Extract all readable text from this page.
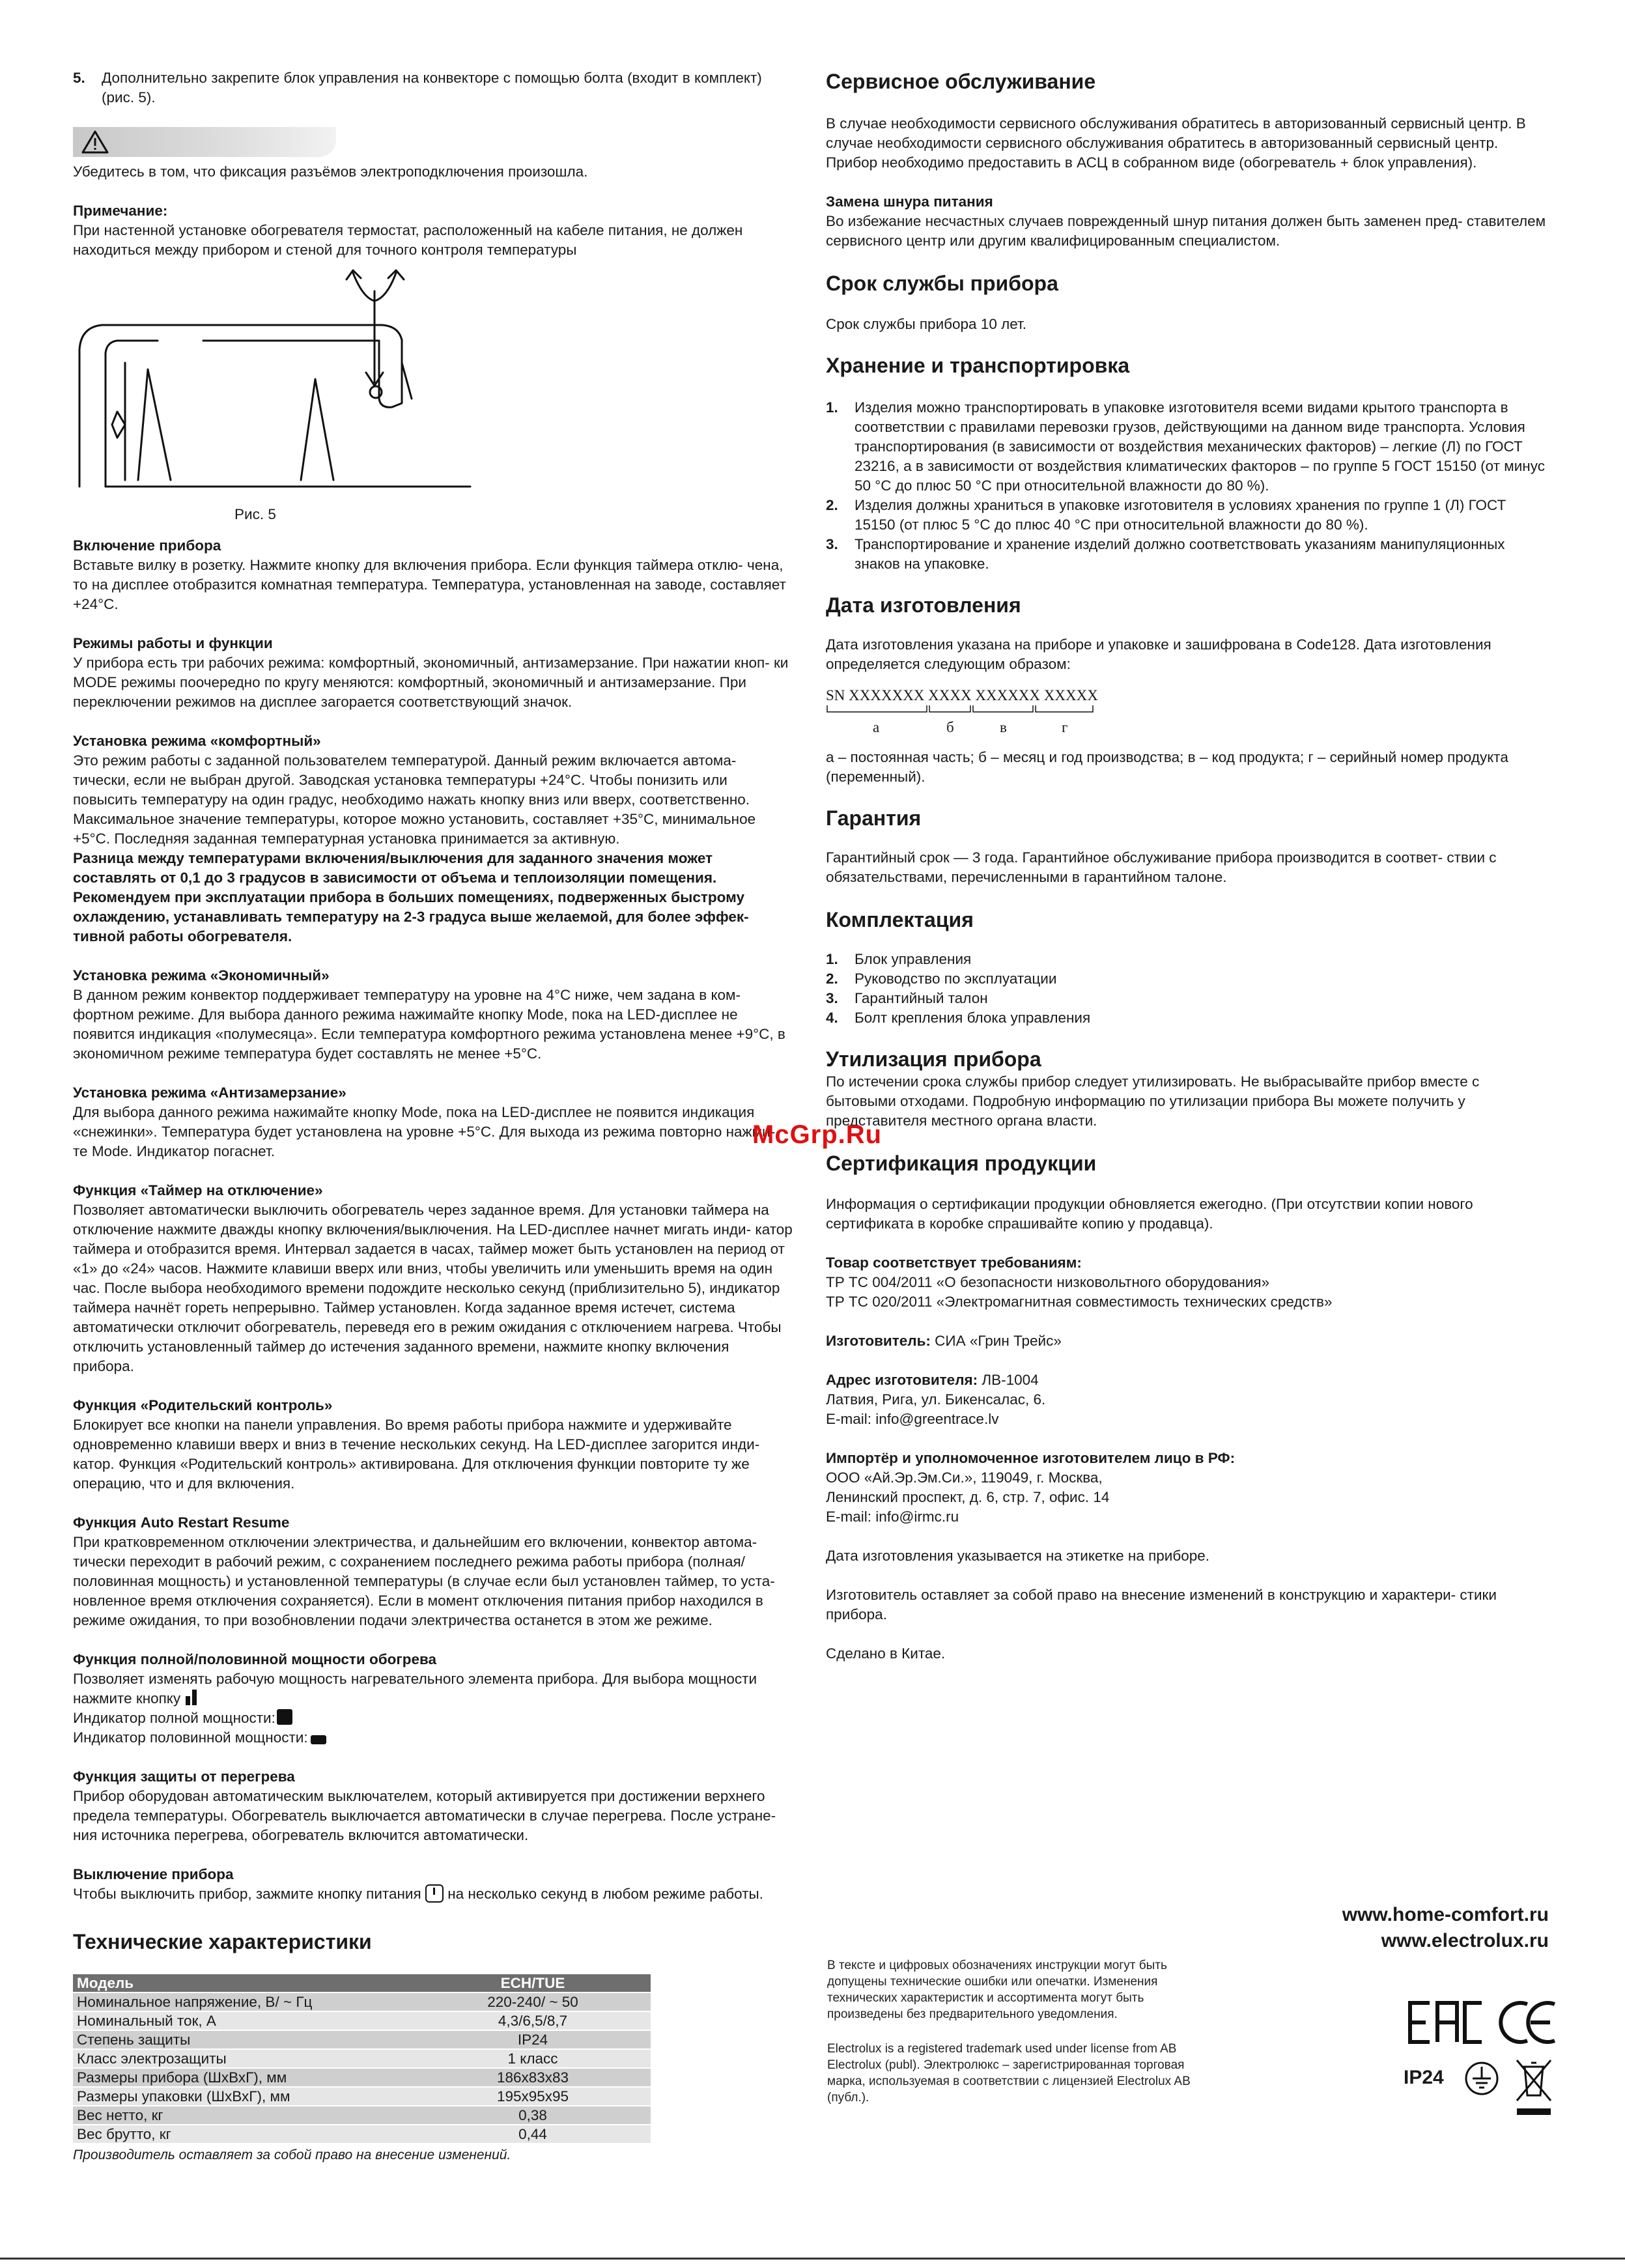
5. Дополнительно закрепите блок управления на конвекторе с помощью болта (входит в комплект) (рис. 5).

Убедитесь в том, что фиксация разъёмов электроподключения произошла.

Примечание:

При настенной установке обогревателя термостат, расположенный на кабеле питания, не должен находиться между прибором и стеной для точного контроля температуры

Рис. 5

Включение прибора

Вставьте вилку в розетку. Нажмите кнопку для включения прибора. Если функция таймера отклю- чена, то на дисплее отобразится комнатная температура. Температура, установленная на заводе, составляет +24°C.

Режимы работы и функции

У прибора есть три рабочих режима: комфортный, экономичный, антизамерзание. При нажатии кноп- ки MODE режимы поочередно по кругу меняются: комфортный, экономичный и антизамерзание. При переключении режимов на дисплее загорается соответствующий значок.

Установка режима «комфортный»

Это режим работы с заданной пользователем температурой. Данный режим включается автома- тически, если не выбран другой. Заводская установка температуры +24°C. Чтобы понизить или повысить температуру на один градус, необходимо нажать кнопку вниз или вверх, соответственно. Максимальное значение температуры, которое можно установить, составляет +35°C, минимальное +5°C. Последняя заданная температурная установка принимается за активную.

Разница между температурами включения/выключения для заданного значения может составлять от 0,1 до 3 градусов в зависимости от объема и теплоизоляции помещения. Рекомендуем при эксплуатации прибора в больших помещениях, подверженных быстрому охлаждению, устанавливать температуру на 2-3 градуса выше желаемой, для более эффек- тивной работы обогревателя.

Установка режима «Экономичный»

В данном режим конвектор поддерживает температуру на уровне на 4°C ниже, чем задана в ком- фортном режиме. Для выбора данного режима нажимайте кнопку Mode, пока на LED-дисплее не появится индикация «полумесяца». Если температура комфортного режима установлена менее +9°C, в экономичном режиме температура будет составлять не менее +5°C.

Установка режима «Антизамерзание»

Для выбора данного режима нажимайте кнопку Mode, пока на LED-дисплее не появится индикация «снежинки». Температура будет установлена на уровне +5°C. Для выхода из режима повторно нажми- те Mode. Индикатор погаснет.

Функция «Таймер на отключение»

Позволяет автоматически выключить обогреватель через заданное время. Для установки таймера на отключение нажмите дважды кнопку включения/выключения. На LED-дисплее начнет мигать инди- катор таймера и отобразится время. Интервал задается в часах, таймер может быть установлен на период от «1» до «24» часов. Нажмите клавиши вверх или вниз, чтобы увеличить или уменьшить время на один час. После выбора необходимого времени подождите несколько секунд (приблизительно 5), индикатор таймера начнёт гореть непрерывно. Таймер установлен. Когда заданное время истечет, система автоматически отключит обогреватель, переведя его в режим ожидания с отключением нагрева. Чтобы отключить установленный таймер до истечения заданного времени, нажмите кнопку включения прибора.

Функция «Родительский контроль»

Блокирует все кнопки на панели управления. Во время работы прибора нажмите и удерживайте одновременно клавиши вверх и вниз в течение нескольких секунд. На LED-дисплее загорится инди- катор. Функция «Родительский контроль» активирована. Для отключения функции повторите ту же операцию, что и для включения.

Функция Auto Restart Resume

При кратковременном отключении электричества, и дальнейшим его включении, конвектор автома- тически переходит в рабочий режим, с сохранением последнего режима работы прибора (полная/ половинная мощность) и установленной температуры (в случае если был установлен таймер, то уста- новленное время отключения сохраняется). Если в момент отключения питания прибор находился в режиме ожидания, то при возобновлении подачи электричества останется в этом же режиме.

Функция полной/половинной мощности обогрева

Позволяет изменять рабочую мощность нагревательного элемента прибора. Для выбора мощности нажмите кнопку

Индикатор полной мощности:

Индикатор половинной мощности:

Функция защиты от перегрева

Прибор оборудован автоматическим выключателем, который активируется при достижении верхнего предела температуры. Обогреватель выключается автоматически в случае перегрева. После устране- ния источника перегрева, обогреватель включится автоматически.

Выключение прибора

Чтобы выключить прибор, зажмите кнопку питания на несколько секунд в любом режиме работы.

Технические характеристики

Модель	ECH/TUE
Номинальное напряжение, В/ ~ Гц	220-240/ ~ 50
Номинальный ток, А	4,3/6,5/8,7
Степень защиты	IP24
Класс электрозащиты	1 класс
Размеры прибора (ШхВхГ), мм	186х83х83
Размеры упаковки (ШхВхГ), мм	195х95х95
Вес нетто, кг	0,38
Вес брутто, кг	0,44

Производитель оставляет за собой право на внесение изменений.

Сервисное обслуживание

В случае необходимости сервисного обслуживания обратитесь в авторизованный сервисный центр. В случае необходимости сервисного обслуживания обратитесь в авторизованный сервисный центр. Прибор необходимо предоставить в АСЦ в собранном виде (обогреватель + блок управления).

Замена шнура питания

Во избежание несчастных случаев поврежденный шнур питания должен быть заменен пред- ставителем сервисного центр или другим квалифицированным специалистом.

Срок службы прибора

Срок службы прибора 10 лет.

Хранение и транспортировка

1. Изделия можно транспортировать в упаковке изготовителя всеми видами крытого транспорта в соответствии с правилами перевозки грузов, действующими на данном виде транспорта. Условия транспортирования (в зависимости от воздействия механических факторов) – легкие (Л) по ГОСТ 23216, а в зависимости от воздействия климатических факторов – по группе 5 ГОСТ 15150 (от минус 50 °С до плюс 50 °С при относительной влажности до 80 %).

2. Изделия должны храниться в упаковке изготовителя в условиях хранения по группе 1 (Л) ГОСТ 15150 (от плюс 5 °С до плюс 40 °С при относительной влажности до 80 %).

3. Транспортирование и хранение изделий должно соответствовать указаниям манипуляционных знаков на упаковке.

Дата изготовления

Дата изготовления указана на приборе и упаковке и зашифрована в Code128. Дата изготовления определяется следующим образом:

SN XXXXXXX XXXX XXXXXX XXXXX

а	б	в	г

а – постоянная часть; б – месяц и год производства; в – код продукта; г – серийный номер продукта (переменный).

Гарантия

Гарантийный срок — 3 года. Гарантийное обслуживание прибора производится в соответ- ствии с обязательствами, перечисленными в гарантийном талоне.

Комплектация

1. Блок управления

2. Руководство по эксплуатации

3. Гарантийный талон

4. Болт крепления блока управления

Утилизация прибора

По истечении срока службы прибор следует утилизировать. Не выбрасывайте прибор вместе с бытовыми отходами. Подробную информацию по утилизации прибора Вы можете получить у представителя местного органа власти.

Сертификация продукции

Информация о сертификации продукции обновляется ежегодно. (При отсутствии копии нового сертификата в коробке спрашивайте копию у продавца).

Товар соответствует требованиям:

ТР ТС 004/2011 «О безопасности низковольтного оборудования»

ТР ТС 020/2011 «Электромагнитная совместимость технических средств»

Изготовитель: СИА «Грин Трейс»

Адрес изготовителя: ЛВ-1004

Латвия, Рига, ул. Бикенсалас, 6.

E-mail: info@greentrace.lv

Импортёр и уполномоченное изготовителем лицо в РФ:

ООО «Ай.Эр.Эм.Си.», 119049, г. Москва,

Ленинский проспект, д. 6, стр. 7, офис. 14

E-mail: info@irmc.ru

Дата изготовления указывается на этикетке на приборе.

Изготовитель оставляет за собой право на внесение изменений в конструкцию и характери- стики прибора.

Сделано в Китае.

www.home-comfort.ru

www.electrolux.ru

В тексте и цифровых обозначениях инструкции могут быть допущены технические ошибки или опечатки. Изменения технических характеристик и ассортимента могут быть произведены без предварительного уведомления.

Electrolux is a registered trademark used under license from AB Electrolux (publ). Электролюкс – зарегистрированная торговая марка, используемая в соответствии с лицензией Electrolux AB (публ.).

IP24

McGrp.Ru
